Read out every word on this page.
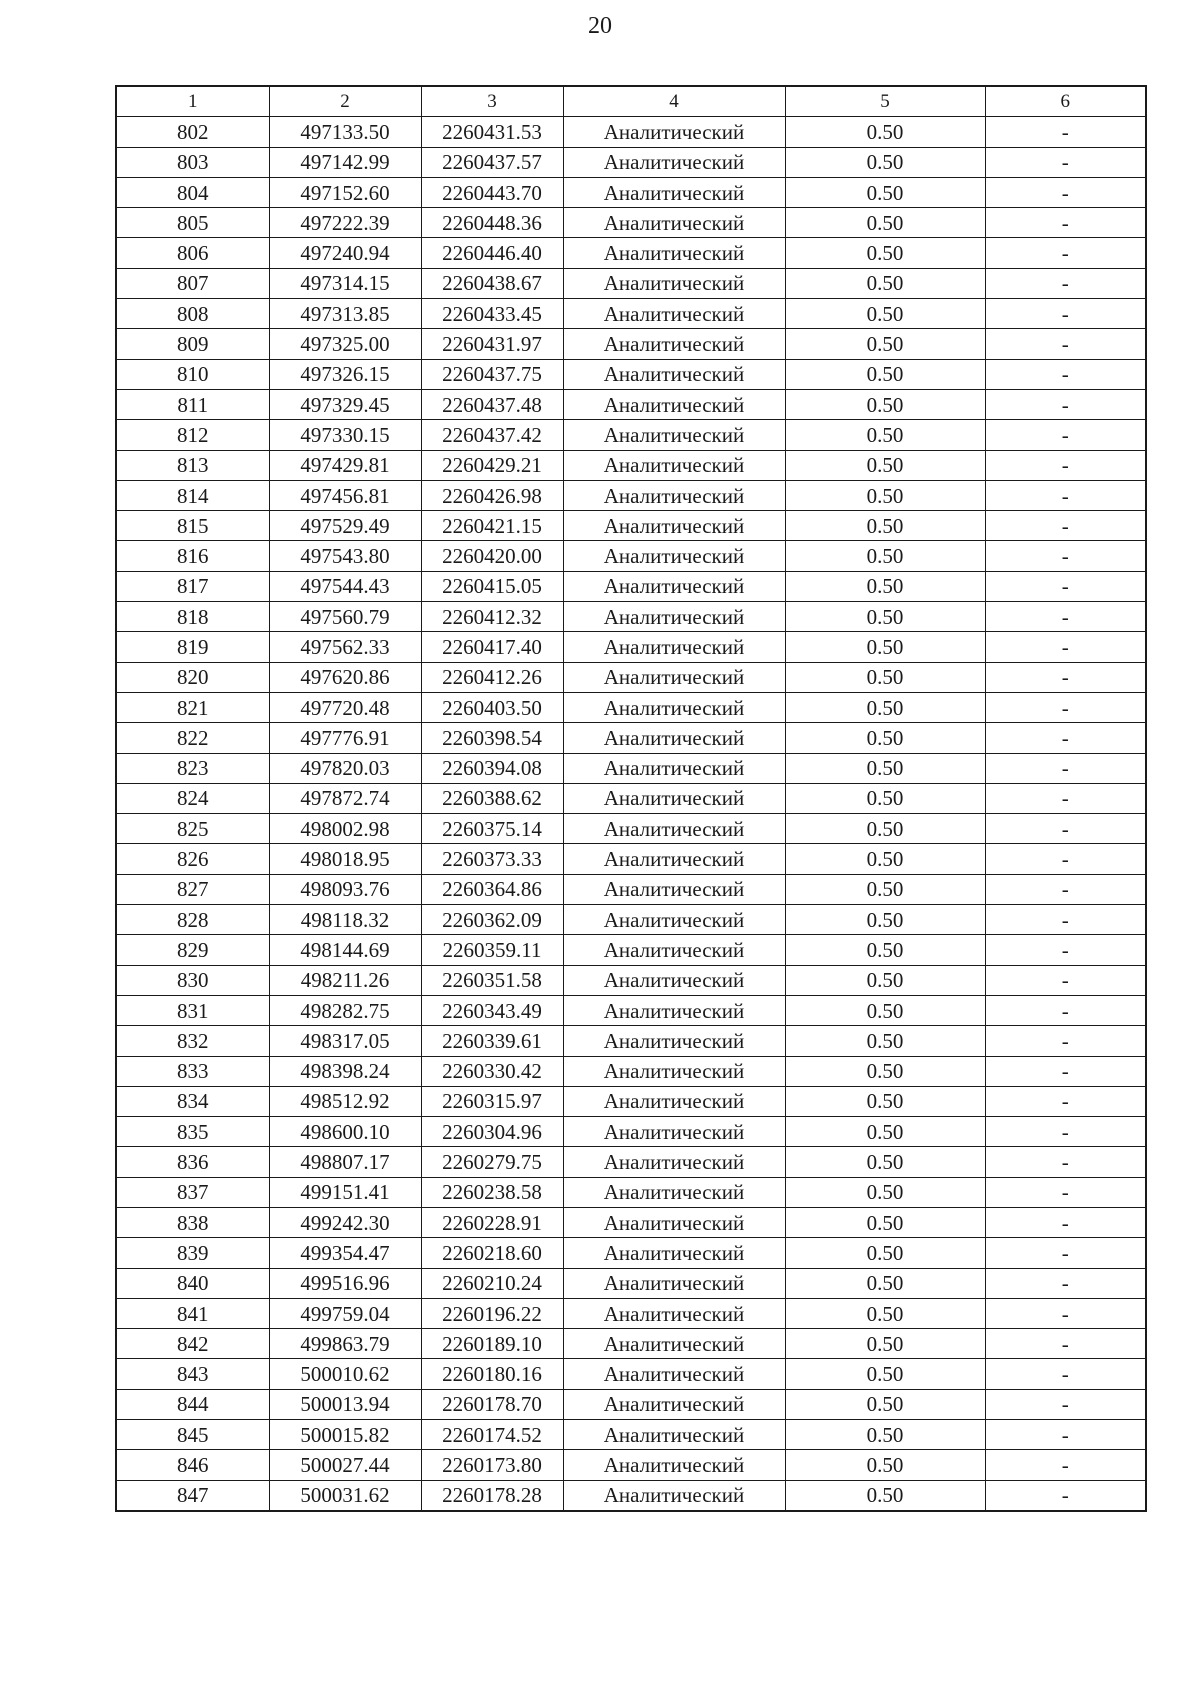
20
1	2	3	4	5	6
802	497133.50	2260431.53	Аналитический	0.50	-
803	497142.99	2260437.57	Аналитический	0.50	-
804	497152.60	2260443.70	Аналитический	0.50	-
805	497222.39	2260448.36	Аналитический	0.50	-
806	497240.94	2260446.40	Аналитический	0.50	-
807	497314.15	2260438.67	Аналитический	0.50	-
808	497313.85	2260433.45	Аналитический	0.50	-
809	497325.00	2260431.97	Аналитический	0.50	-
810	497326.15	2260437.75	Аналитический	0.50	-
811	497329.45	2260437.48	Аналитический	0.50	-
812	497330.15	2260437.42	Аналитический	0.50	-
813	497429.81	2260429.21	Аналитический	0.50	-
814	497456.81	2260426.98	Аналитический	0.50	-
815	497529.49	2260421.15	Аналитический	0.50	-
816	497543.80	2260420.00	Аналитический	0.50	-
817	497544.43	2260415.05	Аналитический	0.50	-
818	497560.79	2260412.32	Аналитический	0.50	-
819	497562.33	2260417.40	Аналитический	0.50	-
820	497620.86	2260412.26	Аналитический	0.50	-
821	497720.48	2260403.50	Аналитический	0.50	-
822	497776.91	2260398.54	Аналитический	0.50	-
823	497820.03	2260394.08	Аналитический	0.50	-
824	497872.74	2260388.62	Аналитический	0.50	-
825	498002.98	2260375.14	Аналитический	0.50	-
826	498018.95	2260373.33	Аналитический	0.50	-
827	498093.76	2260364.86	Аналитический	0.50	-
828	498118.32	2260362.09	Аналитический	0.50	-
829	498144.69	2260359.11	Аналитический	0.50	-
830	498211.26	2260351.58	Аналитический	0.50	-
831	498282.75	2260343.49	Аналитический	0.50	-
832	498317.05	2260339.61	Аналитический	0.50	-
833	498398.24	2260330.42	Аналитический	0.50	-
834	498512.92	2260315.97	Аналитический	0.50	-
835	498600.10	2260304.96	Аналитический	0.50	-
836	498807.17	2260279.75	Аналитический	0.50	-
837	499151.41	2260238.58	Аналитический	0.50	-
838	499242.30	2260228.91	Аналитический	0.50	-
839	499354.47	2260218.60	Аналитический	0.50	-
840	499516.96	2260210.24	Аналитический	0.50	-
841	499759.04	2260196.22	Аналитический	0.50	-
842	499863.79	2260189.10	Аналитический	0.50	-
843	500010.62	2260180.16	Аналитический	0.50	-
844	500013.94	2260178.70	Аналитический	0.50	-
845	500015.82	2260174.52	Аналитический	0.50	-
846	500027.44	2260173.80	Аналитический	0.50	-
847	500031.62	2260178.28	Аналитический	0.50	-
